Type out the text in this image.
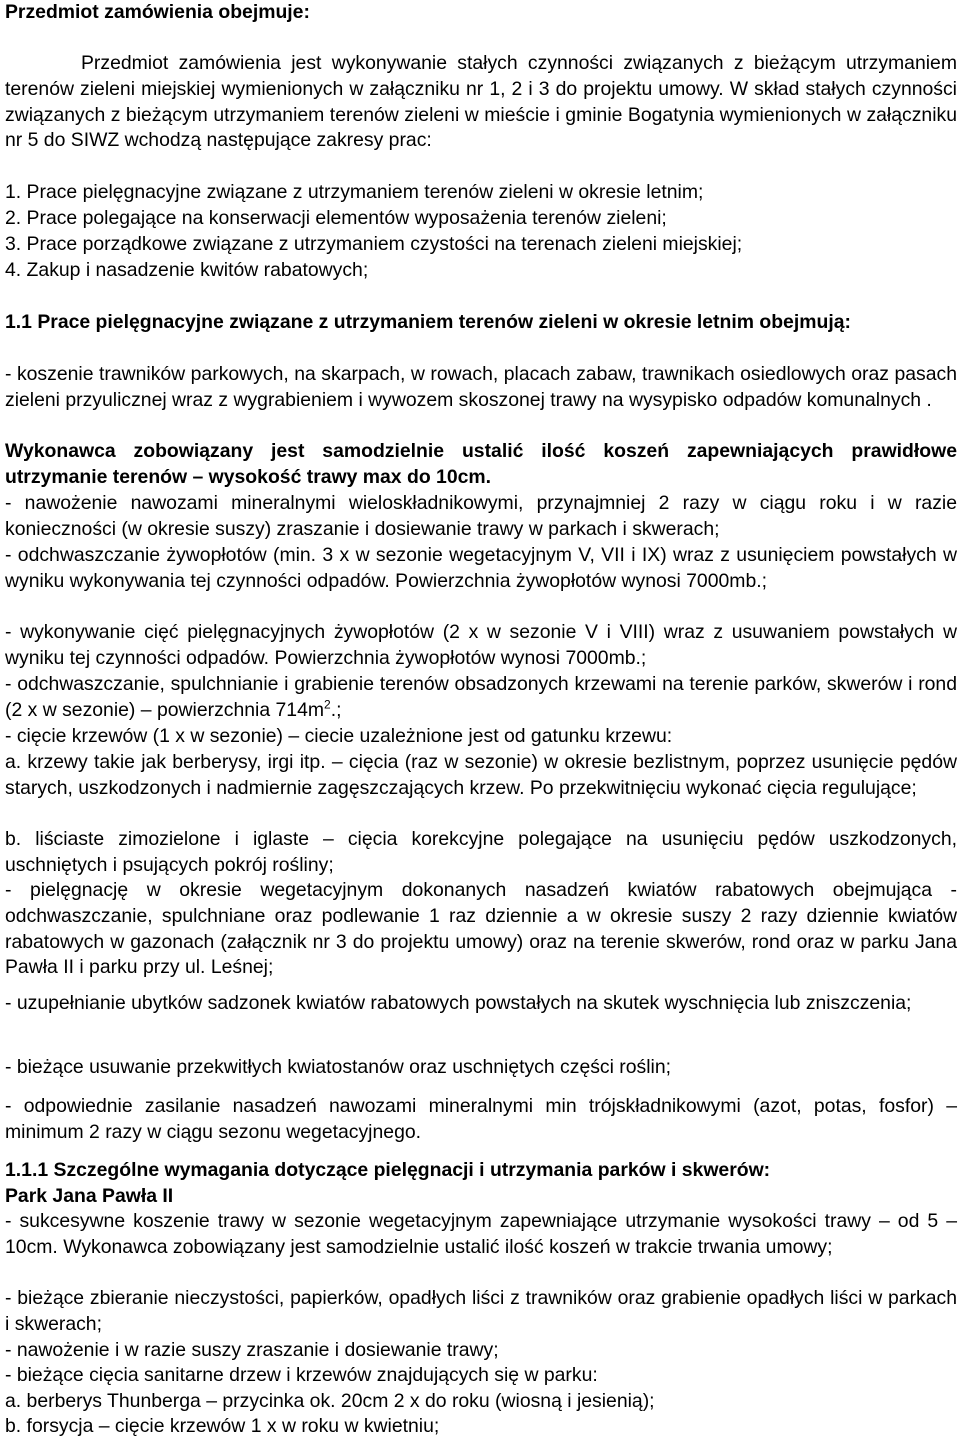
Przedmiot zamówienia obejmuje:

Przedmiot zamówienia jest wykonywanie stałych czynności związanych z bieżącym utrzymaniem terenów zieleni miejskiej wymienionych w załączniku nr 1, 2 i 3 do projektu umowy. W skład stałych czynności związanych z bieżącym utrzymaniem terenów zieleni w mieście i gminie Bogatynia wymienionych w załączniku nr 5 do SIWZ wchodzą następujące zakresy prac:

1. Prace pielęgnacyjne związane z utrzymaniem terenów zieleni w okresie letnim;

2. Prace polegające na konserwacji elementów wyposażenia terenów zieleni;

3. Prace porządkowe związane z utrzymaniem czystości na terenach zieleni miejskiej;

4. Zakup i nasadzenie kwitów rabatowych;

1.1 Prace pielęgnacyjne związane z utrzymaniem terenów zieleni w okresie letnim obejmują:

- koszenie trawników parkowych, na skarpach, w rowach, placach zabaw, trawnikach osiedlowych oraz pasach zieleni przyulicznej wraz z wygrabieniem i wywozem skoszonej trawy na wysypisko odpadów komunalnych .

Wykonawca zobowiązany jest samodzielnie ustalić ilość koszeń zapewniających prawidłowe utrzymanie terenów – wysokość trawy max do 10cm.

- nawożenie nawozami mineralnymi wieloskładnikowymi, przynajmniej 2 razy w ciągu roku i w razie konieczności (w okresie suszy) zraszanie i dosiewanie trawy w parkach i skwerach;

- odchwaszczanie żywopłotów (min. 3 x w sezonie wegetacyjnym V, VII i IX) wraz z usunięciem powstałych w wyniku wykonywania tej czynności odpadów. Powierzchnia żywopłotów wynosi 7000mb.;

- wykonywanie cięć pielęgnacyjnych żywopłotów (2 x w sezonie V i VIII) wraz z usuwaniem powstałych w wyniku tej czynności odpadów. Powierzchnia żywopłotów wynosi 7000mb.;

- odchwaszczanie, spulchnianie i grabienie terenów obsadzonych krzewami na terenie parków, skwerów i rond (2 x w sezonie) – powierzchnia $714m^2$.;

- cięcie krzewów (1 x w sezonie) – ciecie uzależnione jest od gatunku krzewu:

a. krzewy takie jak berberysy, irgi itp. – cięcia (raz w sezonie) w okresie bezlistnym, poprzez usunięcie pędów starych, uszkodzonych i nadmiernie zagęszczających krzew. Po przekwitnięciu wykonać cięcia regulujące;

b. liściaste zimozielone i iglaste – cięcia korekcyjne polegające na usunięciu pędów uszkodzonych, uschniętych i psujących pokrój rośliny;

- pielęgnację w okresie wegetacyjnym dokonanych nasadzeń kwiatów rabatowych obejmująca - odchwaszczanie, spulchniane oraz podlewanie 1 raz dziennie a w okresie suszy 2 razy dziennie kwiatów rabatowych w gazonach (załącznik nr 3 do projektu umowy) oraz na terenie skwerów, rond oraz w parku Jana Pawła II i parku przy ul. Leśnej;

- uzupełnianie ubytków sadzonek kwiatów rabatowych powstałych na skutek wyschnięcia lub zniszczenia;

- bieżące usuwanie przekwitłych kwiatostanów oraz uschniętych części roślin;

- odpowiednie zasilanie nasadzeń nawozami mineralnymi min trójskładnikowymi (azot, potas, fosfor) – minimum 2 razy w ciągu sezonu wegetacyjnego.

1.1.1 Szczególne wymagania dotyczące pielęgnacji i utrzymania parków i skwerów:

Park Jana Pawła II

- sukcesywne koszenie trawy w sezonie wegetacyjnym zapewniające utrzymanie wysokości trawy – od 5 – 10cm. Wykonawca zobowiązany jest samodzielnie ustalić ilość koszeń w trakcie trwania umowy;

- bieżące zbieranie nieczystości, papierków, opadłych liści z trawników oraz grabienie opadłych liści w parkach i skwerach;

- nawożenie i w razie suszy zraszanie i dosiewanie trawy;

- bieżące cięcia sanitarne drzew i krzewów znajdujących się w parku:

a. berberys Thunberga – przycinka ok. 20cm 2 x do roku (wiosną i jesienią);

b. forsycja – cięcie krzewów 1 x w roku w kwietniu;
